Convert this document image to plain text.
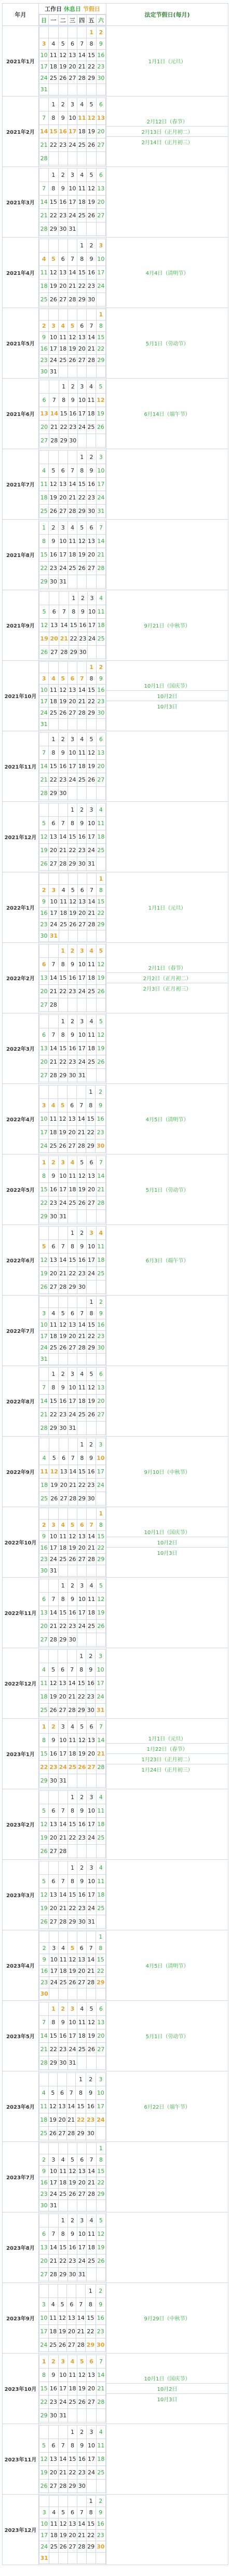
年月	工作日 休息日 节假日	法定节假日(每月)

日	一	二	三	四	五	六

2021年1月	
					1	2
3	4	5	6	7	8	9
10	11	12	13	14	15	16
17	18	19	20	21	22	23
24	25	26	27	28	29	30
31						

1月1日（元旦）

2021年2月	
	1	2	3	4	5	6
7	8	9	10	11	12	13
14	15	16	17	18	19	20
21	22	23	24	25	26	27
28						

2月12日（春节）
2月13日（正月初二）
2月14日（正月初三）

2021年3月	
	1	2	3	4	5	6
7	8	9	10	11	12	13
14	15	16	17	18	19	20
21	22	23	24	25	26	27
28	29	30	31			

2021年4月	
				1	2	3
4	5	6	7	8	9	10
11	12	13	14	15	16	17
18	19	20	21	22	23	24
25	26	27	28	29	30	

4月4日（清明节）

2021年5月	
						1
2	3	4	5	6	7	8
9	10	11	12	13	14	15
16	17	18	19	20	21	22
23	24	25	26	27	28	29
30	31					

5月1日（劳动节）

2021年6月	
		1	2	3	4	5
6	7	8	9	10	11	12
13	14	15	16	17	18	19
20	21	22	23	24	25	26
27	28	29	30			

6月14日（端午节）

2021年7月	
				1	2	3
4	5	6	7	8	9	10
11	12	13	14	15	16	17
18	19	20	21	22	23	24
25	26	27	28	29	30	31

2021年8月	
1	2	3	4	5	6	7
8	9	10	11	12	13	14
15	16	17	18	19	20	21
22	23	24	25	26	27	28
29	30	31				

2021年9月	
			1	2	3	4
5	6	7	8	9	10	11
12	13	14	15	16	17	18
19	20	21	22	23	24	25
26	27	28	29	30		

9月21日（中秋节）

2021年10月	
					1	2
3	4	5	6	7	8	9
10	11	12	13	14	15	16
17	18	19	20	21	22	23
24	25	26	27	28	29	30
31						

10月1日（国庆节）
10月2日
10月3日

2021年11月	
	1	2	3	4	5	6
7	8	9	10	11	12	13
14	15	16	17	18	19	20
21	22	23	24	25	26	27
28	29	30				

2021年12月	
			1	2	3	4
5	6	7	8	9	10	11
12	13	14	15	16	17	18
19	20	21	22	23	24	25
26	27	28	29	30	31	

2022年1月	
						1
2	3	4	5	6	7	8
9	10	11	12	13	14	15
16	17	18	19	20	21	22
23	24	25	26	27	28	29
30	31					

1月1日（元旦）

2022年2月	
		1	2	3	4	5
6	7	8	9	10	11	12
13	14	15	16	17	18	19
20	21	22	23	24	25	26
27	28					

2月1日（春节）
2月2日（正月初二）
2月3日（正月初三）

2022年3月	
		1	2	3	4	5
6	7	8	9	10	11	12
13	14	15	16	17	18	19
20	21	22	23	24	25	26
27	28	29	30	31		

2022年4月	
					1	2
3	4	5	6	7	8	9
10	11	12	13	14	15	16
17	18	19	20	21	22	23
24	25	26	27	28	29	30

4月5日（清明节）

2022年5月	
1	2	3	4	5	6	7
8	9	10	11	12	13	14
15	16	17	18	19	20	21
22	23	24	25	26	27	28
29	30	31				

5月1日（劳动节）

2022年6月	
			1	2	3	4
5	6	7	8	9	10	11
12	13	14	15	16	17	18
19	20	21	22	23	24	25
26	27	28	29	30		

6月3日（端午节）

2022年7月	
					1	2
3	4	5	6	7	8	9
10	11	12	13	14	15	16
17	18	19	20	21	22	23
24	25	26	27	28	29	30
31						

2022年8月	
	1	2	3	4	5	6
7	8	9	10	11	12	13
14	15	16	17	18	19	20
21	22	23	24	25	26	27
28	29	30	31			

2022年9月	
				1	2	3
4	5	6	7	8	9	10
11	12	13	14	15	16	17
18	19	20	21	22	23	24
25	26	27	28	29	30	

9月10日（中秋节）

2022年10月	
						1
2	3	4	5	6	7	8
9	10	11	12	13	14	15
16	17	18	19	20	21	22
23	24	25	26	27	28	29
30	31					

10月1日（国庆节）
10月2日
10月3日

2022年11月	
		1	2	3	4	5
6	7	8	9	10	11	12
13	14	15	16	17	18	19
20	21	22	23	24	25	26
27	28	29	30			

2022年12月	
				1	2	3
4	5	6	7	8	9	10
11	12	13	14	15	16	17
18	19	20	21	22	23	24
25	26	27	28	29	30	31

2023年1月	
1	2	3	4	5	6	7
8	9	10	11	12	13	14
15	16	17	18	19	20	21
22	23	24	25	26	27	28
29	30	31				

1月1日（元旦）
1月22日（春节）
1月23日（正月初二）
1月24日（正月初三）

2023年2月	
			1	2	3	4
5	6	7	8	9	10	11
12	13	14	15	16	17	18
19	20	21	22	23	24	25
26	27	28				

2023年3月	
			1	2	3	4
5	6	7	8	9	10	11
12	13	14	15	16	17	18
19	20	21	22	23	24	25
26	27	28	29	30	31	

2023年4月	
						1
2	3	4	5	6	7	8
9	10	11	12	13	14	15
16	17	18	19	20	21	22
23	24	25	26	27	28	29
30						

4月5日（清明节）

2023年5月	
	1	2	3	4	5	6
7	8	9	10	11	12	13
14	15	16	17	18	19	20
21	22	23	24	25	26	27
28	29	30	31			

5月1日（劳动节）

2023年6月	
				1	2	3
4	5	6	7	8	9	10
11	12	13	14	15	16	17
18	19	20	21	22	23	24
25	26	27	28	29	30	

6月22日（端午节）

2023年7月	
						1
2	3	4	5	6	7	8
9	10	11	12	13	14	15
16	17	18	19	20	21	22
23	24	25	26	27	28	29
30	31					

2023年8月	
		1	2	3	4	5
6	7	8	9	10	11	12
13	14	15	16	17	18	19
20	21	22	23	24	25	26
27	28	29	30	31		

2023年9月	
					1	2
3	4	5	6	7	8	9
10	11	12	13	14	15	16
17	18	19	20	21	22	23
24	25	26	27	28	29	30

9月29日（中秋节）

2023年10月	
1	2	3	4	5	6	7
8	9	10	11	12	13	14
15	16	17	18	19	20	21
22	23	24	25	26	27	28
29	30	31				

10月1日（国庆节）
10月2日
10月3日

2023年11月	
			1	2	3	4
5	6	7	8	9	10	11
12	13	14	15	16	17	18
19	20	21	22	23	24	25
26	27	28	29	30		

2023年12月	
					1	2
3	4	5	6	7	8	9
10	11	12	13	14	15	16
17	18	19	20	21	22	23
24	25	26	27	28	29	30
31						
